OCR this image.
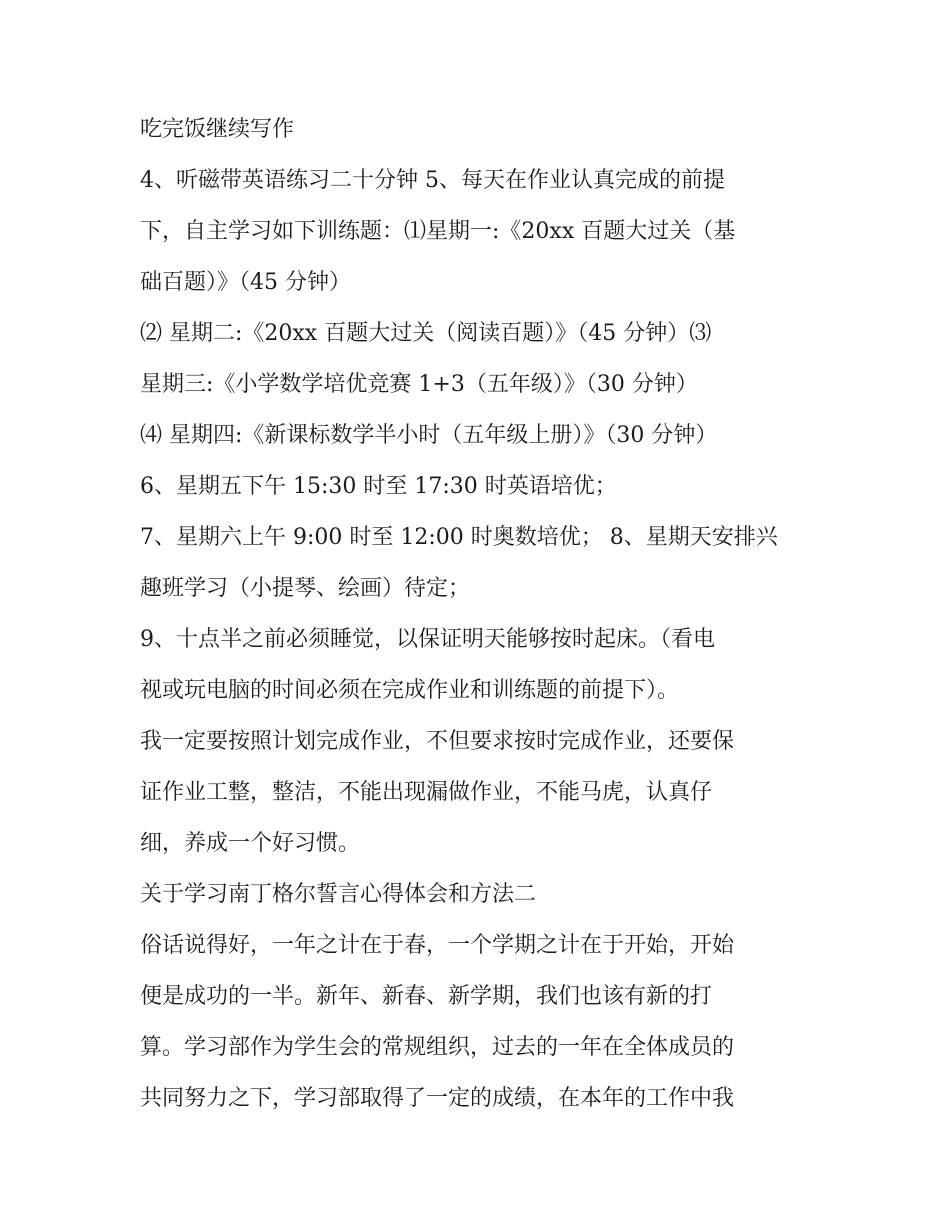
吃完饭继续写作
4、听磁带英语练习二十分钟 5、每天在作业认真完成的前提
下，自主学习如下训练题：⑴星期一:《20xx 百题大过关（基
础百题）》（45 分钟）
⑵ 星期二:《20xx 百题大过关（阅读百题）》（45 分钟）⑶
星期三:《小学数学培优竞赛 1+3（五年级）》（30 分钟）
⑷ 星期四:《新课标数学半小时（五年级上册）》（30 分钟）
6、星期五下午 15:30 时至 17:30 时英语培优；
7、星期六上午 9:00 时至 12:00 时奥数培优； 8、星期天安排兴
趣班学习（小提琴、绘画）待定；
9、十点半之前必须睡觉，以保证明天能够按时起床。（看电
视或玩电脑的时间必须在完成作业和训练题的前提下）。
我一定要按照计划完成作业，不但要求按时完成作业，还要保
证作业工整，整洁，不能出现漏做作业，不能马虎，认真仔
细，养成一个好习惯。
关于学习南丁格尔誓言心得体会和方法二
俗话说得好，一年之计在于春，一个学期之计在于开始，开始
便是成功的一半。新年、新春、新学期，我们也该有新的打
算。学习部作为学生会的常规组织，过去的一年在全体成员的
共同努力之下，学习部取得了一定的成绩，在本年的工作中我
